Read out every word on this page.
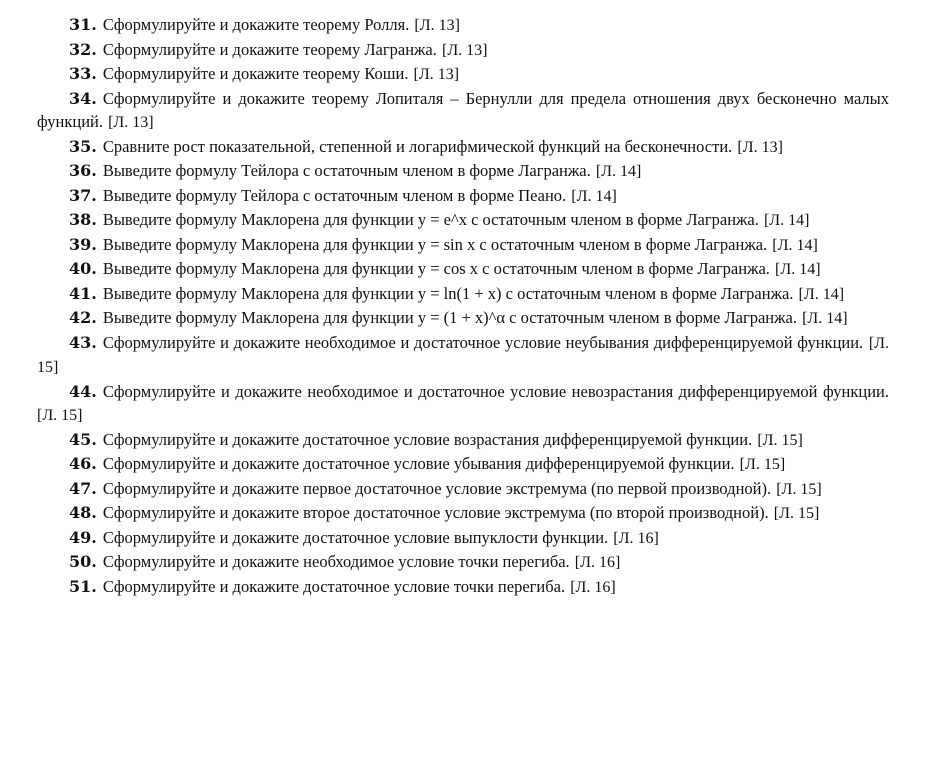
31. Сформулируйте и докажите теорему Ролля. [Л. 13]

32. Сформулируйте и докажите теорему Лагранжа. [Л. 13]

33. Сформулируйте и докажите теорему Коши. [Л. 13]

34. Сформулируйте и докажите теорему Лопиталя – Бернулли для предела отношения двух бесконечно малых функций. [Л. 13]

35. Сравните рост показательной, степенной и логарифмической функций на бесконечности. [Л. 13]

36. Выведите формулу Тейлора с остаточным членом в форме Лагранжа. [Л. 14]

37. Выведите формулу Тейлора с остаточным членом в форме Пеано. [Л. 14]

38. Выведите формулу Маклорена для функции y = e^x с остаточным членом в форме Лагранжа. [Л. 14]

39. Выведите формулу Маклорена для функции y = sin x с остаточным членом в форме Лагранжа. [Л. 14]

40. Выведите формулу Маклорена для функции y = cos x с остаточным членом в форме Лагранжа. [Л. 14]

41. Выведите формулу Маклорена для функции y = ln(1 + x) с остаточным членом в форме Лагранжа. [Л. 14]

42. Выведите формулу Маклорена для функции y = (1 + x)^α с остаточным членом в форме Лагранжа. [Л. 14]

43. Сформулируйте и докажите необходимое и достаточное условие неубывания дифференцируемой функции. [Л. 15]

44. Сформулируйте и докажите необходимое и достаточное условие невозрастания дифференцируемой функции. [Л. 15]

45. Сформулируйте и докажите достаточное условие возрастания дифференцируемой функции. [Л. 15]

46. Сформулируйте и докажите достаточное условие убывания дифференцируемой функции. [Л. 15]

47. Сформулируйте и докажите первое достаточное условие экстремума (по первой производной). [Л. 15]

48. Сформулируйте и докажите второе достаточное условие экстремума (по второй производной). [Л. 15]

49. Сформулируйте и докажите достаточное условие выпуклости функции. [Л. 16]

50. Сформулируйте и докажите необходимое условие точки перегиба. [Л. 16]

51. Сформулируйте и докажите достаточное условие точки перегиба. [Л. 16]
